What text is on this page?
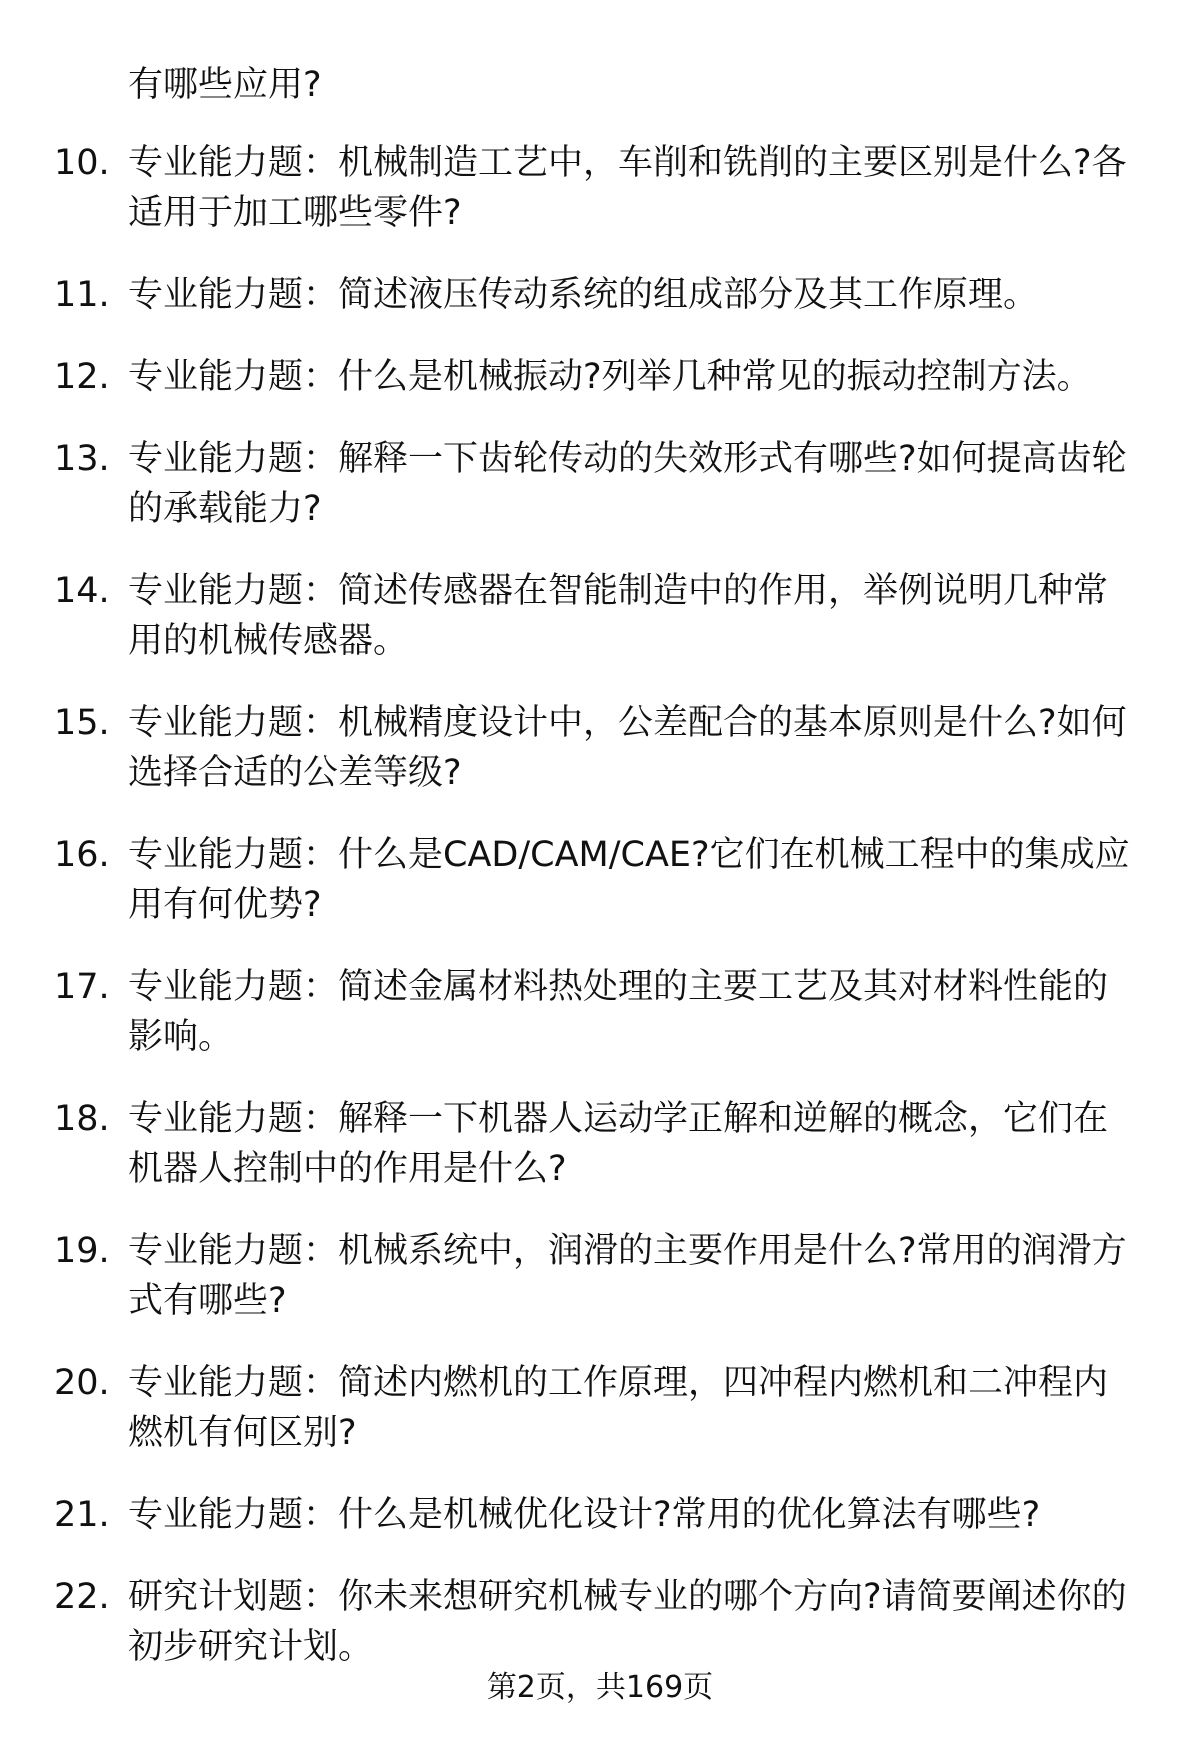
有哪些应用?
10. 专业能力题：机械制造工艺中，车削和铣削的主要区别是什么?各适用于加工哪些零件?
11. 专业能力题：简述液压传动系统的组成部分及其工作原理。
12. 专业能力题：什么是机械振动?列举几种常见的振动控制方法。
13. 专业能力题：解释一下齿轮传动的失效形式有哪些?如何提高齿轮的承载能力?
14. 专业能力题：简述传感器在智能制造中的作用，举例说明几种常用的机械传感器。
15. 专业能力题：机械精度设计中，公差配合的基本原则是什么?如何选择合适的公差等级?
16. 专业能力题：什么是CAD/CAM/CAE?它们在机械工程中的集成应用有何优势?
17. 专业能力题：简述金属材料热处理的主要工艺及其对材料性能的影响。
18. 专业能力题：解释一下机器人运动学正解和逆解的概念，它们在机器人控制中的作用是什么?
19. 专业能力题：机械系统中，润滑的主要作用是什么?常用的润滑方式有哪些?
20. 专业能力题：简述内燃机的工作原理，四冲程内燃机和二冲程内燃机有何区别?
21. 专业能力题：什么是机械优化设计?常用的优化算法有哪些?
22. 研究计划题：你未来想研究机械专业的哪个方向?请简要阐述你的初步研究计划。
第2页，共169页
